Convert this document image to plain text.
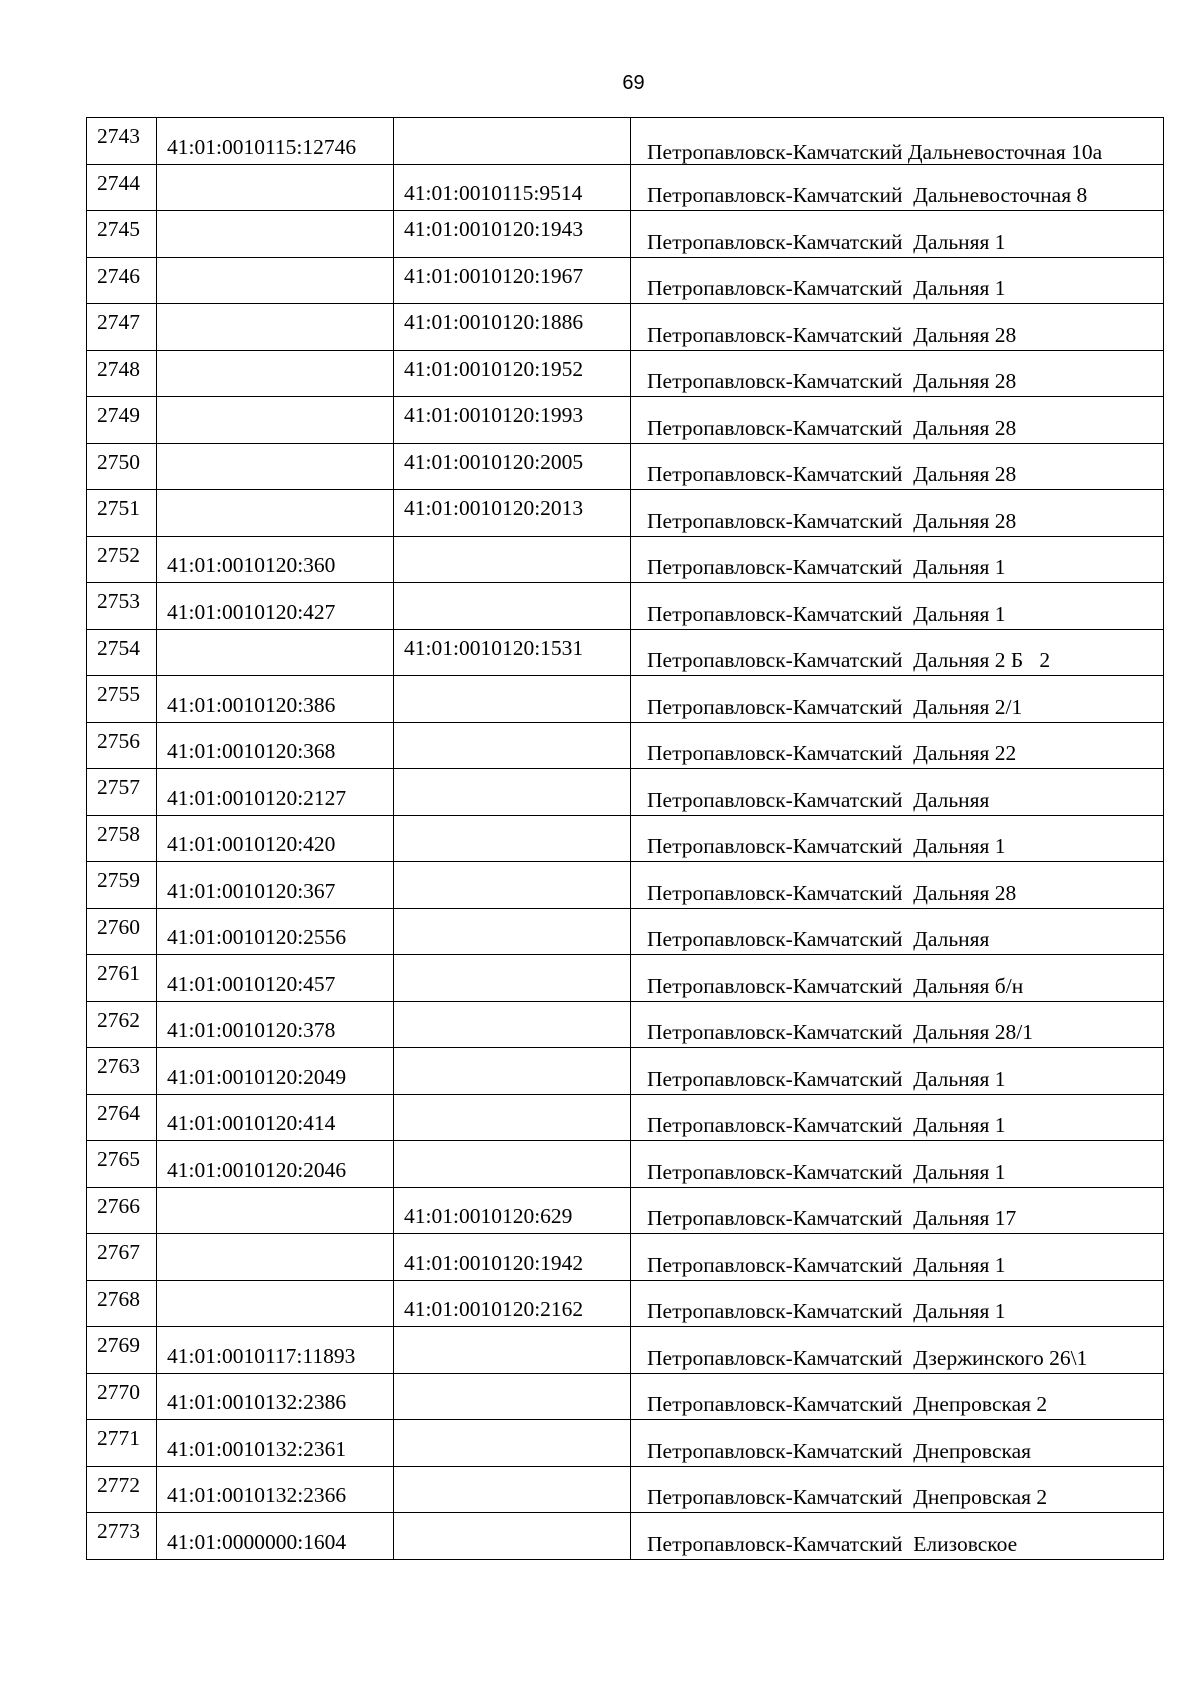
69
2743	41:01:0010115:12746		Петропавловск-Камчатский Дальневосточная 10а

2744		41:01:0010115:9514	Петропавловск-Камчатский  Дальневосточная 8

2745		41:01:0010120:1943	Петропавловск-Камчатский  Дальняя 1

2746		41:01:0010120:1967	Петропавловск-Камчатский  Дальняя 1

2747		41:01:0010120:1886	Петропавловск-Камчатский  Дальняя 28

2748		41:01:0010120:1952	Петропавловск-Камчатский  Дальняя 28

2749		41:01:0010120:1993	Петропавловск-Камчатский  Дальняя 28

2750		41:01:0010120:2005	Петропавловск-Камчатский  Дальняя 28

2751		41:01:0010120:2013	Петропавловск-Камчатский  Дальняя 28

2752	41:01:0010120:360		Петропавловск-Камчатский  Дальняя 1

2753	41:01:0010120:427		Петропавловск-Камчатский  Дальняя 1

2754		41:01:0010120:1531	Петропавловск-Камчатский  Дальняя 2 Б   2

2755	41:01:0010120:386		Петропавловск-Камчатский  Дальняя 2/1

2756	41:01:0010120:368		Петропавловск-Камчатский  Дальняя 22

2757	41:01:0010120:2127		Петропавловск-Камчатский  Дальняя

2758	41:01:0010120:420		Петропавловск-Камчатский  Дальняя 1

2759	41:01:0010120:367		Петропавловск-Камчатский  Дальняя 28

2760	41:01:0010120:2556		Петропавловск-Камчатский  Дальняя

2761	41:01:0010120:457		Петропавловск-Камчатский  Дальняя б/н

2762	41:01:0010120:378		Петропавловск-Камчатский  Дальняя 28/1

2763	41:01:0010120:2049		Петропавловск-Камчатский  Дальняя 1

2764	41:01:0010120:414		Петропавловск-Камчатский  Дальняя 1

2765	41:01:0010120:2046		Петропавловск-Камчатский  Дальняя 1

2766		41:01:0010120:629	Петропавловск-Камчатский  Дальняя 17

2767		41:01:0010120:1942	Петропавловск-Камчатский  Дальняя 1

2768		41:01:0010120:2162	Петропавловск-Камчатский  Дальняя 1

2769	41:01:0010117:11893		Петропавловск-Камчатский  Дзержинского 26\1

2770	41:01:0010132:2386		Петропавловск-Камчатский  Днепровская 2

2771	41:01:0010132:2361		Петропавловск-Камчатский  Днепровская

2772	41:01:0010132:2366		Петропавловск-Камчатский  Днепровская 2

2773	41:01:0000000:1604		Петропавловск-Камчатский  Елизовское
